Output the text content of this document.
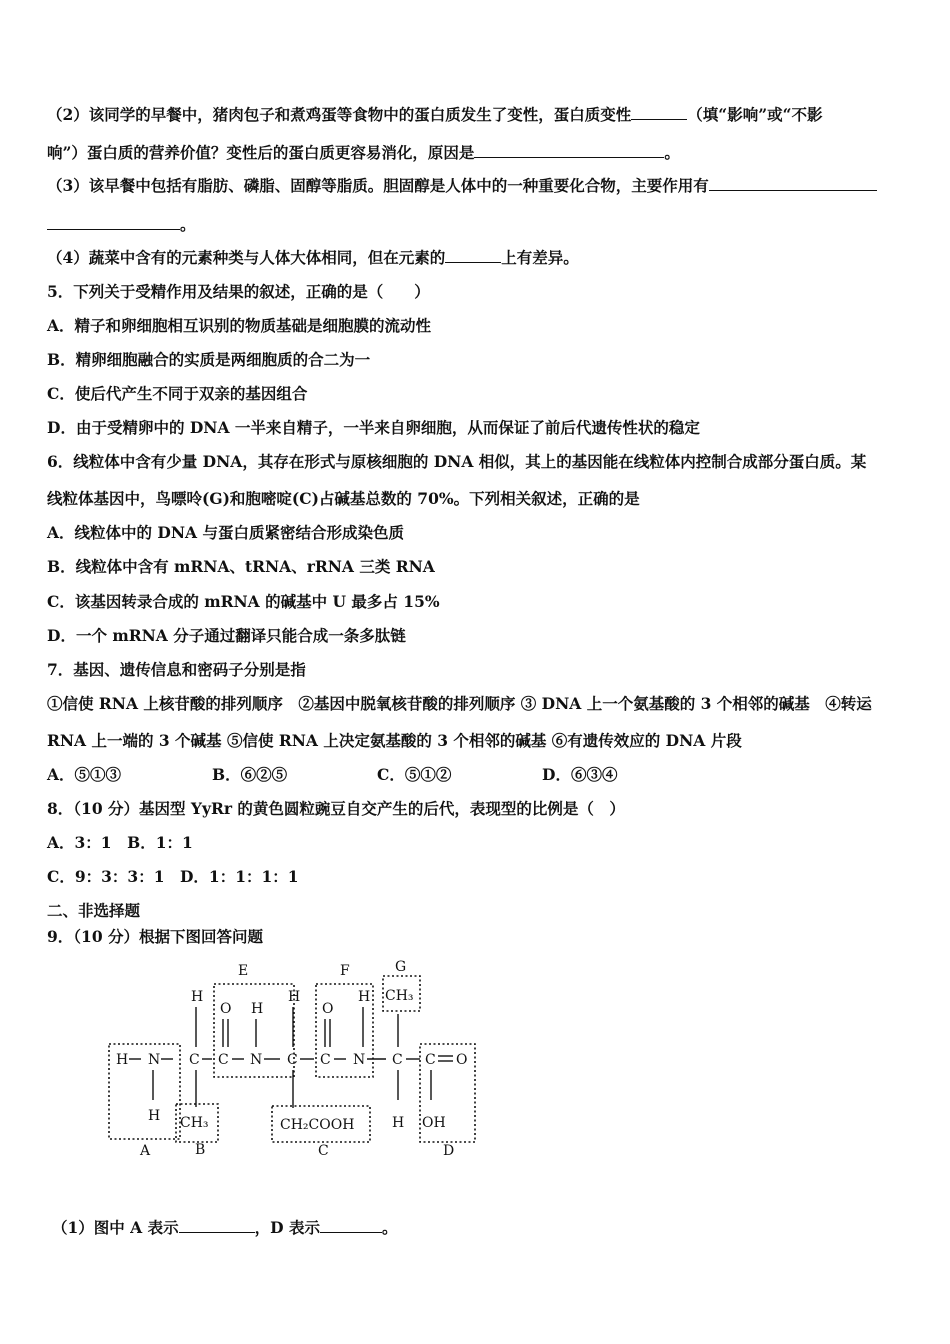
（2）该同学的早餐中，猪肉包子和煮鸡蛋等食物中的蛋白质发生了变性，蛋白质变性	（填“影响”或“不影
响”）蛋白质的营养价值？变性后的蛋白质更容易消化，原因是	。
（3）该早餐中包括有脂肪、磷脂、固醇等脂质。胆固醇是人体中的一种重要化合物，主要作用有
。
（4）蔬菜中含有的元素种类与人体大体相同，但在元素的	上有差异。
5．下列关于受精作用及结果的叙述，正确的是（　　）
A．精子和卵细胞相互识别的物质基础是细胞膜的流动性
B．精卵细胞融合的实质是两细胞质的合二为一
C．使后代产生不同于双亲的基因组合
D．由于受精卵中的 DNA 一半来自精子，一半来自卵细胞，从而保证了前后代遗传性状的稳定
6．线粒体中含有少量 DNA，其存在形式与原核细胞的 DNA 相似，其上的基因能在线粒体内控制合成部分蛋白质。某
线粒体基因中，鸟嘌呤(G)和胞嘧啶(C)占碱基总数的 70%。下列相关叙述，正确的是
A．线粒体中的 DNA 与蛋白质紧密结合形成染色质
B．线粒体中含有 mRNA、tRNA、rRNA 三类 RNA
C．该基因转录合成的 mRNA 的碱基中 U 最多占 15%
D．一个 mRNA 分子通过翻译只能合成一条多肽链
7．基因、遗传信息和密码子分别是指
①信使 RNA 上核苷酸的排列顺序　②基因中脱氧核苷酸的排列顺序 ③ DNA 上一个氨基酸的 3 个相邻的碱基　④转运
RNA 上一端的 3 个碱基 ⑤信使 RNA 上决定氨基酸的 3 个相邻的碱基 ⑥有遗传效应的 DNA 片段
A．⑤①③	B．⑥②⑤	C．⑤①②	D．⑥③④
8．（10 分）基因型 YyRr 的黄色圆粒豌豆自交产生的后代，表现型的比例是（　）
A．3：1　B．1：1
C．9：3：3：1　D．1：1：1：1
二、非选择题
9．（10 分）根据下图回答问题
E	F	G
A	B	C	D
H
O H
H
O
H CH₃
H N C C N C C N C C O
H CH₃	CH₂COOH	H OH
（1）图中 A 表示	，D 表示	。
